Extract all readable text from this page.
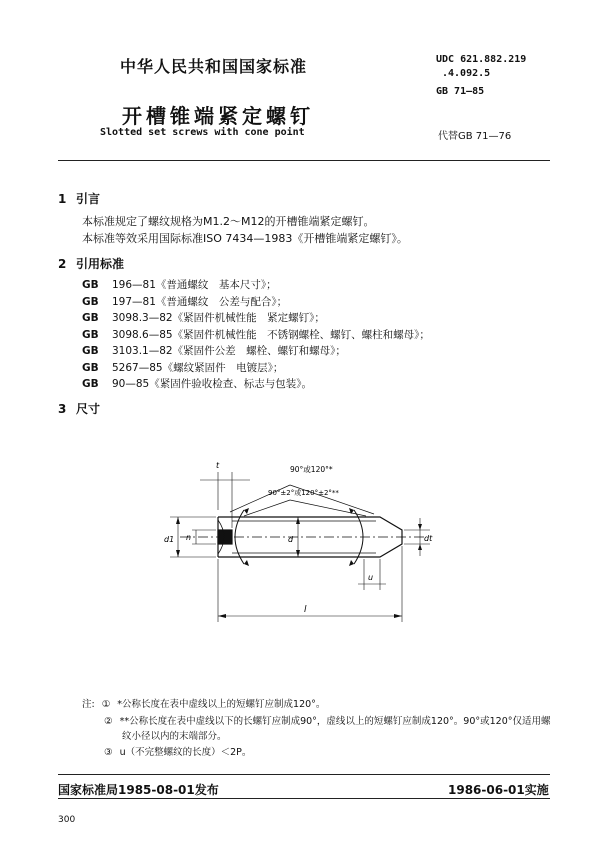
中华人民共和国国家标准
开槽锥端紧定螺钉
Slotted set screws with cone point
UDC 621.882.219
.4.092.5
GB 71—85
代替GB 71—76
1 引言
本标准规定了螺纹规格为M1.2～M12的开槽锥端紧定螺钉。
本标准等效采用国际标准ISO 7434—1983《开槽锥端紧定螺钉》。
2 引用标准
GB 196—81《普通螺纹　基本尺寸》；
GB 197—81《普通螺纹　公差与配合》；
GB 3098.3—82《紧固件机械性能　紧定螺钉》；
GB 3098.6—85《紧固件机械性能　不锈钢螺栓、螺钉、螺柱和螺母》；
GB 3103.1—82《紧固件公差　螺栓、螺钉和螺母》；
GB 5267—85《螺纹紧固件　电镀层》；
GB 90—85《紧固件验收检查、标志与包装》。
3 尺寸
90°或120°*
90°±2°或120°±2°**
t
n
d1	d	dt
u
l
注: ① *公称长度在表中虚线以上的短螺钉应制成120°。
② **公称长度在表中虚线以下的长螺钉应制成90°，虚线以上的短螺钉应制成120°。90°或120°仅适用螺
纹小径以内的末端部分。
③ u（不完整螺纹的长度）＜2P。
国家标准局1985-08-01发布	1986-06-01实施
300
